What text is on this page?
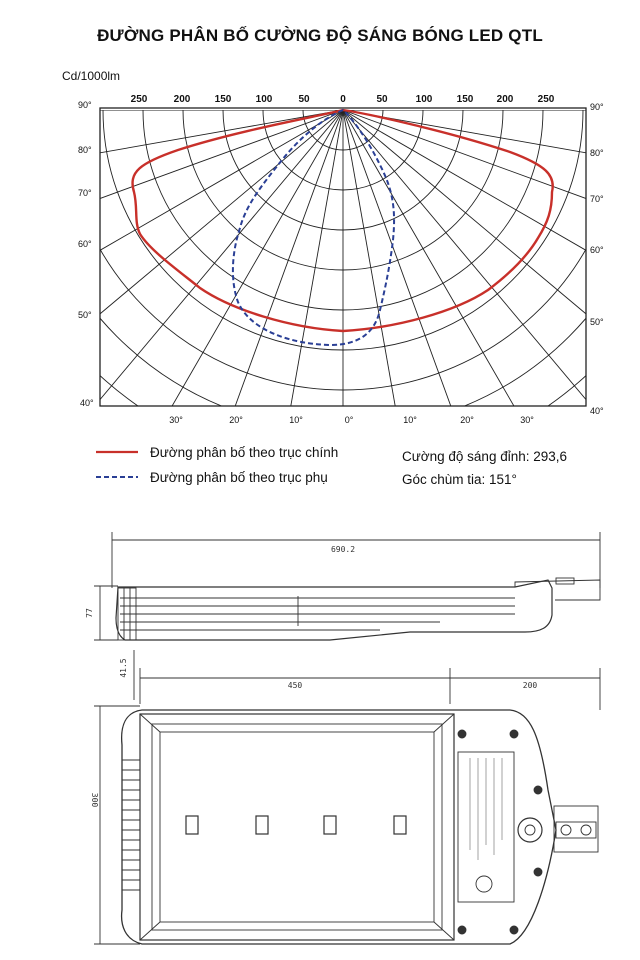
ĐƯỜNG PHÂN BỐ CƯỜNG ĐỘ SÁNG BÓNG LED QTL
Cd/1000lm
250	200 150 100	50	0	50	100 150 200 250
90°
80°
70°
60°
50°
40°
90°
80°
70°
60°
50°
40°
30°	20°	10°	0°	10°	20°	30°
Đường phân bố theo trục chính
Đường phân bố theo trục phụ
Cường độ sáng đỉnh: 293,6
Góc chùm tia: 151°
690.2
77
450	200
41.5
300
